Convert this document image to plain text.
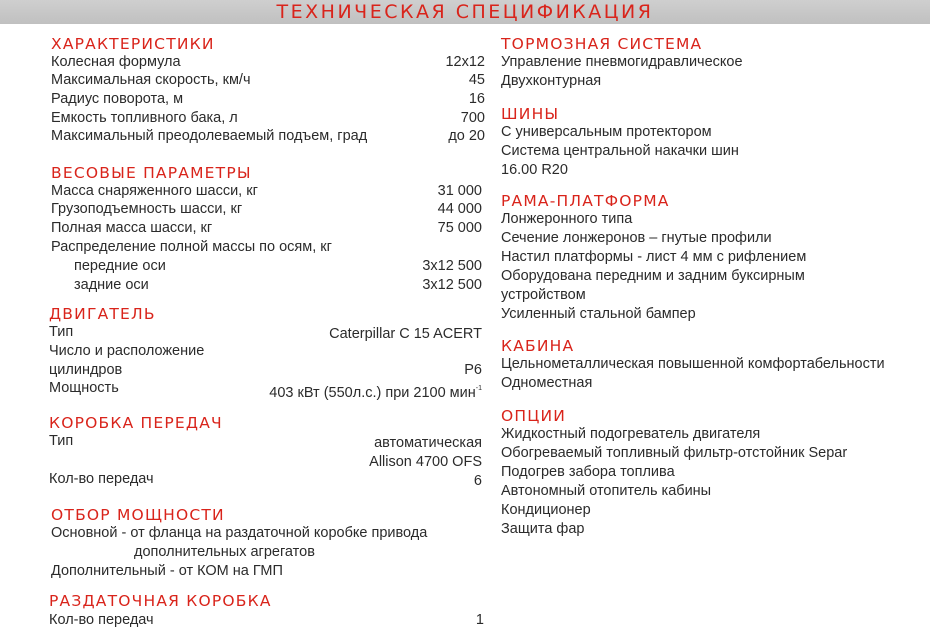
ТЕХНИЧЕСКАЯ СПЕЦИФИКАЦИЯ
ХАРАКТЕРИСТИКИ
Колесная формула	12х12
Максимальная скорость, км/ч	45
Радиус поворота, м	16
Емкость топливного бака, л	700
Максимальный преодолеваемый подъем, град	до 20
ВЕСОВЫЕ ПАРАМЕТРЫ
Масса снаряженного шасси, кг	31 000
Грузоподъемность шасси, кг	44 000
Полная масса шасси, кг	75 000
Распределение полной массы по осям, кг
передние оси	3х12 500
задние оси	3х12 500
ДВИГАТЕЛЬ
Тип	Caterpillar C 15 ACERT
Число и расположение
цилиндров	Р6
Мощность	403 кВт (550л.с.) при 2100 мин$^{-1}$
КОРОБКА ПЕРЕДАЧ
Тип	автоматическая
Allison 4700 OFS
Кол-во передач	6
ОТБОР МОЩНОСТИ
Основной - от фланца на раздаточной коробке привода
дополнительных агрегатов
Дополнительный - от КОМ на ГМП
РАЗДАТОЧНАЯ КОРОБКА
Кол-во передач	1
ТОРМОЗНАЯ СИСТЕМА
Управление пневмогидравлическое
Двухконтурная
ШИНЫ
С универсальным протектором
Система центральной накачки шин
16.00 R20
РАМА-ПЛАТФОРМА
Лонжеронного типа
Сечение лонжеронов – гнутые профили
Настил платформы - лист 4 мм с рифлением
Оборудована передним и задним буксирным
устройством
Усиленный стальной бампер
КАБИНА
Цельнометаллическая повышенной комфортабельности
Одноместная
ОПЦИИ
Жидкостный подогреватель двигателя
Обогреваемый топливный фильтр-отстойник Separ
Подогрев забора топлива
Автономный отопитель кабины
Кондиционер
Защита фар
